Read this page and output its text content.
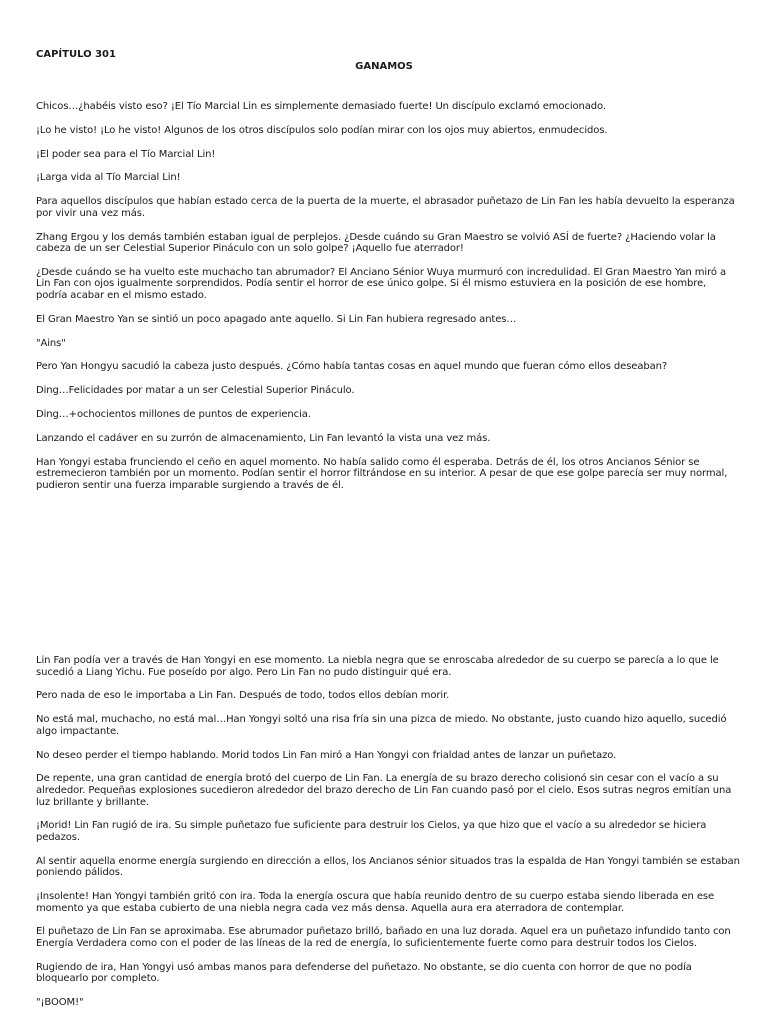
CAPÍTULO 301
GANAMOS

Chicos…¿habéis visto eso? ¡El Tío Marcial Lin es simplemente demasiado fuerte! Un discípulo exclamó emocionado.

¡Lo he visto! ¡Lo he visto! Algunos de los otros discípulos solo podían mirar con los ojos muy abiertos, enmudecidos.

¡El poder sea para el Tío Marcial Lin!

¡Larga vida al Tío Marcial Lin!

Para aquellos discípulos que habían estado cerca de la puerta de la muerte, el abrasador puñetazo de Lin Fan les había devuelto la esperanza por vivir una vez más.

Zhang Ergou y los demás también estaban igual de perplejos. ¿Desde cuándo su Gran Maestro se volvió ASÍ de fuerte? ¿Haciendo volar la cabeza de un ser Celestial Superior Pináculo con un solo golpe? ¡Aquello fue aterrador!

¿Desde cuándo se ha vuelto este muchacho tan abrumador? El Anciano Sénior Wuya murmuró con incredulidad. El Gran Maestro Yan miró a Lin Fan con ojos igualmente sorprendidos. Podía sentir el horror de ese único golpe. Si él mismo estuviera en la posición de ese hombre, podría acabar en el mismo estado.

El Gran Maestro Yan se sintió un poco apagado ante aquello. Si Lin Fan hubiera regresado antes…

"Ains"

Pero Yan Hongyu sacudió la cabeza justo después. ¿Cómo había tantas cosas en aquel mundo que fueran cómo ellos deseaban?

Ding…Felicidades por matar a un ser Celestial Superior Pináculo.

Ding…+ochocientos millones de puntos de experiencia.

Lanzando el cadáver en su zurrón de almacenamiento, Lin Fan levantó la vista una vez más.

Han Yongyi estaba frunciendo el ceño en aquel momento. No había salido como él esperaba. Detrás de él, los otros Ancianos Sénior se estremecieron también por un momento. Podían sentir el horror filtrándose en su interior. A pesar de que ese golpe parecía ser muy normal, pudieron sentir una fuerza imparable surgiendo a través de él.

Lin Fan podía ver a través de Han Yongyi en ese momento. La niebla negra que se enroscaba alrededor de su cuerpo se parecía a lo que le sucedió a Liang Yichu. Fue poseído por algo. Pero Lin Fan no pudo distinguir qué era.

Pero nada de eso le importaba a Lin Fan. Después de todo, todos ellos debían morir.

No está mal, muchacho, no está mal…Han Yongyi soltó una risa fría sin una pizca de miedo. No obstante, justo cuando hizo aquello, sucedió algo impactante.

No deseo perder el tiempo hablando. Morid todos Lin Fan miró a Han Yongyi con frialdad antes de lanzar un puñetazo.

De repente, una gran cantidad de energía brotó del cuerpo de Lin Fan. La energía de su brazo derecho colisionó sin cesar con el vacío a su alrededor. Pequeñas explosiones sucedieron alrededor del brazo derecho de Lin Fan cuando pasó por el cielo. Esos sutras negros emitían una luz brillante y brillante.

¡Morid! Lin Fan rugió de ira. Su simple puñetazo fue suficiente para destruir los Cielos, ya que hizo que el vacío a su alrededor se hiciera pedazos.

Al sentir aquella enorme energía surgiendo en dirección a ellos, los Ancianos sénior situados tras la espalda de Han Yongyi también se estaban poniendo pálidos.

¡Insolente! Han Yongyi también gritó con ira. Toda la energía oscura que había reunido dentro de su cuerpo estaba siendo liberada en ese momento ya que estaba cubierto de una niebla negra cada vez más densa. Aquella aura era aterradora de contemplar.

El puñetazo de Lin Fan se aproximaba. Ese abrumador puñetazo brilló, bañado en una luz dorada. Aquel era un puñetazo infundido tanto con Energía Verdadera como con el poder de las líneas de la red de energía, lo suficientemente fuerte como para destruir todos los Cielos.

Rugiendo de ira, Han Yongyi usó ambas manos para defenderse del puñetazo. No obstante, se dio cuenta con horror de que no podía bloquearlo por completo.

"¡BOOM!"
